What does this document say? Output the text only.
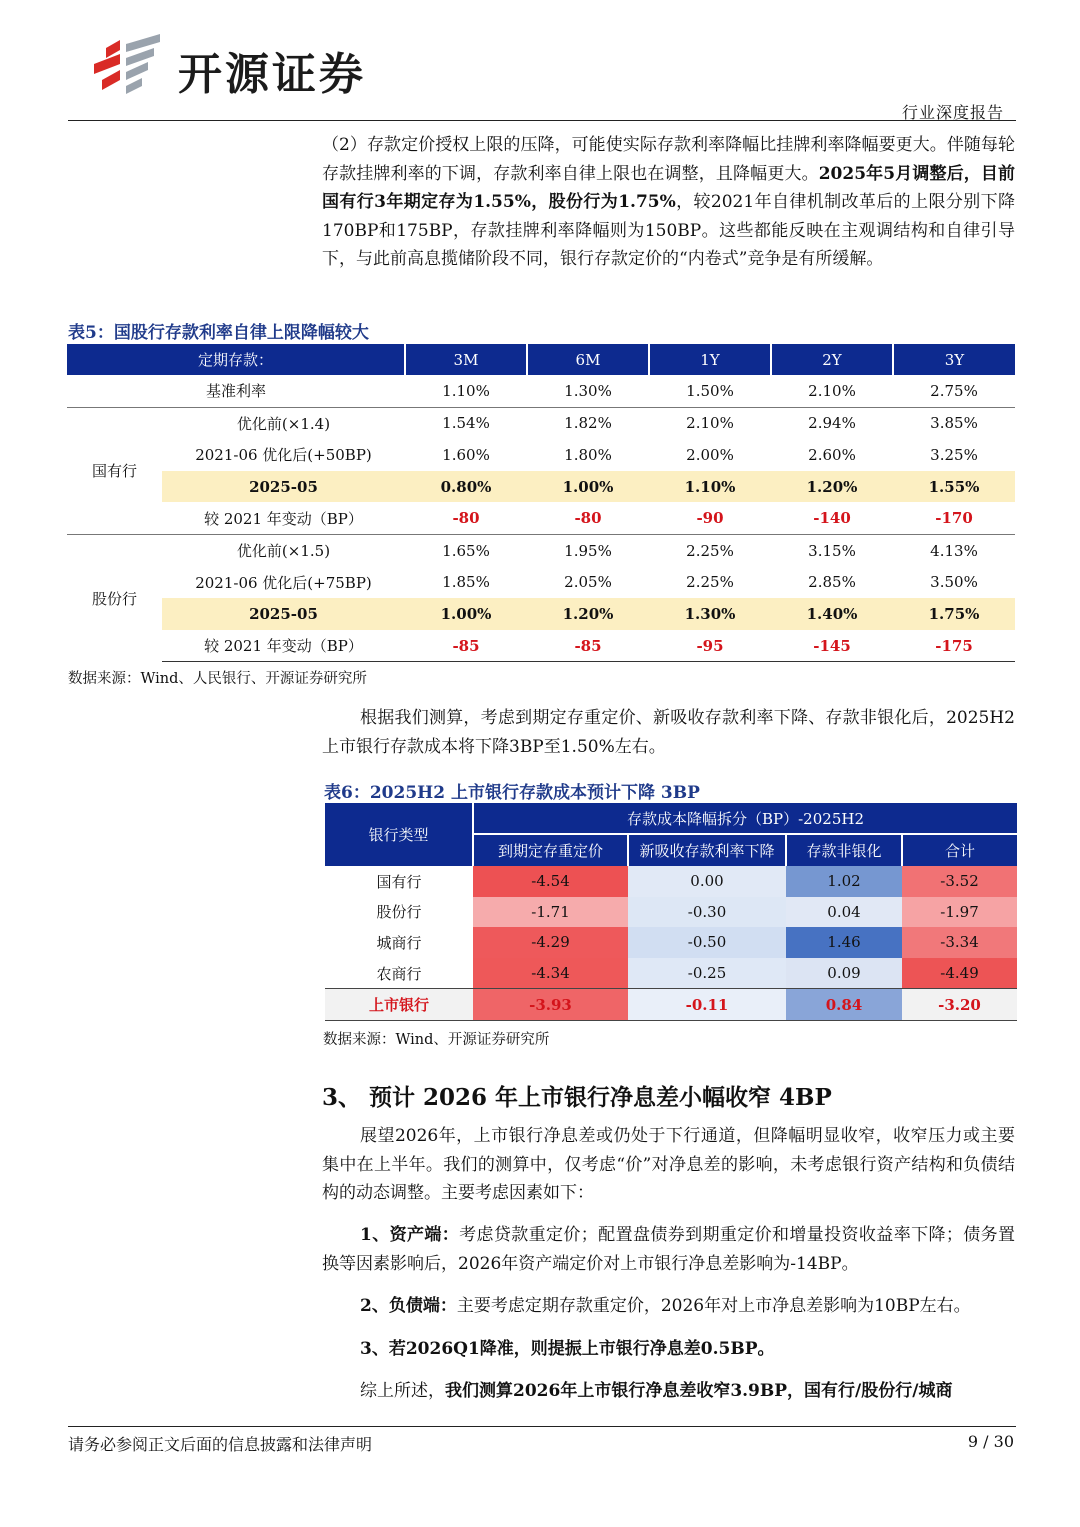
开源证券
行业深度报告

（2）存款定价授权上限的压降，可能使实际存款利率降幅比挂牌利率降幅要更大。伴随每轮存款挂牌利率的下调，存款利率自律上限也在调整，且降幅更大。2025年5月调整后，目前国有行3年期定存为1.55%，股份行为1.75%，较2021年自律机制改革后的上限分别下降170BP和175BP，存款挂牌利率降幅则为150BP。这些都能反映在主观调结构和自律引导下，与此前高息揽储阶段不同，银行存款定价的“内卷式”竞争是有所缓解。

表5：国股行存款利率自律上限降幅较大
定期存款：		3M	6M	1Y	2Y	3Y
基准利率		1.10%	1.30%	1.50%	2.10%	2.75%
国有行	优化前(×1.4)	1.54%	1.82%	2.10%	2.94%	3.85%
	2021-06 优化后(+50BP)	1.60%	1.80%	2.00%	2.60%	3.25%
	2025-05	0.80%	1.00%	1.10%	1.20%	1.55%
	较 2021 年变动（BP）	-80	-80	-90	-140	-170
股份行	优化前(×1.5)	1.65%	1.95%	2.25%	3.15%	4.13%
	2021-06 优化后(+75BP)	1.85%	2.05%	2.25%	2.85%	3.50%
	2025-05	1.00%	1.20%	1.30%	1.40%	1.75%
	较 2021 年变动（BP）	-85	-85	-95	-145	-175
数据来源：Wind、人民银行、开源证券研究所

根据我们测算，考虑到期定存重定价、新吸收存款利率下降、存款非银化后，2025H2上市银行存款成本将下降3BP至1.50%左右。

表6：2025H2 上市银行存款成本预计下降 3BP
银行类型	存款成本降幅拆分（BP）-2025H2			
	到期定存重定价	新吸收存款利率下降	存款非银化	合计
国有行	-4.54	0.00	1.02	-3.52
股份行	-1.71	-0.30	0.04	-1.97
城商行	-4.29	-0.50	1.46	-3.34
农商行	-4.34	-0.25	0.09	-4.49
上市银行	-3.93	-0.11	0.84	-3.20
数据来源：Wind、开源证券研究所
3、 预计 2026 年上市银行净息差小幅收窄 4BP

展望2026年，上市银行净息差或仍处于下行通道，但降幅明显收窄，收窄压力或主要集中在上半年。我们的测算中，仅考虑“价”对净息差的影响，未考虑银行资产结构和负债结构的动态调整。主要考虑因素如下：

1、资产端：考虑贷款重定价；配置盘债券到期重定价和增量投资收益率下降；债务置换等因素影响后，2026年资产端定价对上市银行净息差影响为-14BP。

2、负债端：主要考虑定期存款重定价，2026年对上市净息差影响为10BP左右。

3、若2026Q1降准，则提振上市银行净息差0.5BP。

综上所述，我们测算2026年上市银行净息差收窄3.9BP，国有行/股份行/城商

请务必参阅正文后面的信息披露和法律声明	9 / 30
